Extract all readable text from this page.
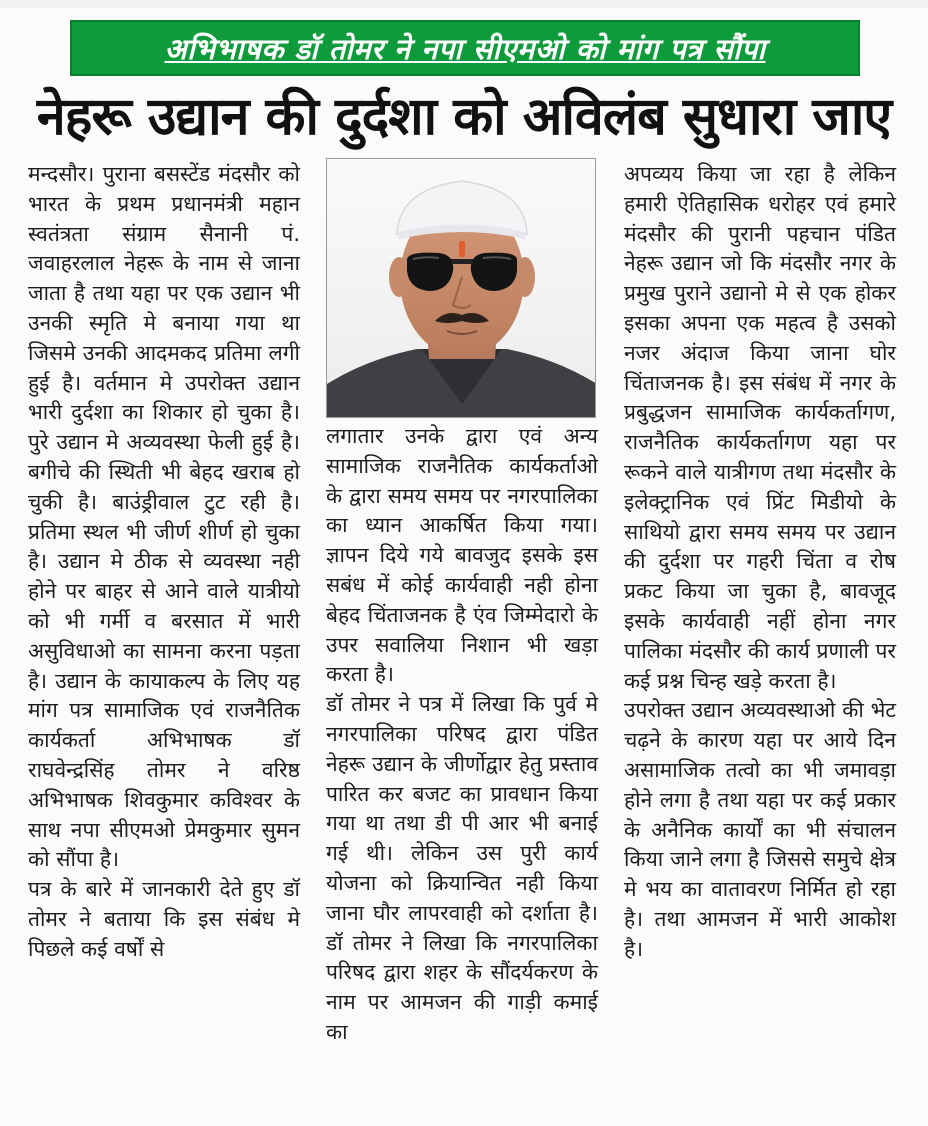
अभिभाषक डॉ तोमर ने नपा सीएमओ को मांग पत्र सौंपा
नेहरू उद्यान की दुर्दशा को अविलंब सुधारा जाए

मन्दसौर। पुराना बसस्टेंड मंदसौर को भारत के प्रथम प्रधानमंत्री महान स्वतंत्रता संग्राम सैनानी पं. जवाहरलाल नेहरू के नाम से जाना जाता है तथा यहा पर एक उद्यान भी उनकी स्मृति मे बनाया गया था जिसमे उनकी आदमकद प्रतिमा लगी हुई है। वर्तमान मे उपरोक्त उद्यान भारी दुर्दशा का शिकार हो चुका है। पुरे उद्यान मे अव्यवस्था फेली हुई है। बगीचे की स्थिती भी बेहद खराब हो चुकी है। बाउंड्रीवाल टुट रही है। प्रतिमा स्थल भी जीर्ण शीर्ण हो चुका है। उद्यान मे ठीक से व्यवस्था नही होने पर बाहर से आने वाले यात्रीयो को भी गर्मी व बरसात में भारी असुविधाओ का सामना करना पड़ता है। उद्यान के कायाकल्प के लिए यह मांग पत्र सामाजिक एवं राजनैतिक कार्यकर्ता अभिभाषक डॉ राघवेन्द्रसिंह तोमर ने वरिष्ठ अभिभाषक शिवकुमार कविश्वर के साथ नपा सीएमओ प्रेमकुमार सुमन को सौंपा है।

पत्र के बारे में जानकारी देते हुए डॉ तोमर ने बताया कि इस संबंध मे पिछले कई वर्षों से

लगातार उनके द्वारा एवं अन्य सामाजिक राजनैतिक कार्यकर्ताओ के द्वारा समय समय पर नगरपालिका का ध्यान आकर्षित किया गया। ज्ञापन दिये गये बावजुद इसके इस सबंध में कोई कार्यवाही नही होना बेहद चिंताजनक है एंव जिम्मेदारो के उपर सवालिया निशान भी खड़ा करता है।

डॉ तोमर ने पत्र में लिखा कि पुर्व मे नगरपालिका परिषद द्वारा पंडित नेहरू उद्यान के जीर्णोद्वार हेतु प्रस्ताव पारित कर बजट का प्रावधान किया गया था तथा डी पी आर भी बनाई गई थी। लेकिन उस पुरी कार्य योजना को क्रियान्वित नही किया जाना घौर लापरवाही को दर्शाता है। डॉ तोमर ने लिखा कि नगरपालिका परिषद द्वारा शहर के सौंदर्यकरण के नाम पर आमजन की गाड़ी कमाई का

अपव्यय किया जा रहा है लेकिन हमारी ऐतिहासिक धरोहर एवं हमारे मंदसौर की पुरानी पहचान पंडित नेहरू उद्यान जो कि मंदसौर नगर के प्रमुख पुराने उद्यानो मे से एक होकर इसका अपना एक महत्व है उसको नजर अंदाज किया जाना घोर चिंताजनक है। इस संबंध में नगर के प्रबुद्धजन सामाजिक कार्यकर्तागण, राजनैतिक कार्यकर्तागण यहा पर रूकने वाले यात्रीगण तथा मंदसौर के इलेक्ट्रानिक एवं प्रिंट मिडीयो के साथियो द्वारा समय समय पर उद्यान की दुर्दशा पर गहरी चिंता व रोष प्रकट किया जा चुका है, बावजूद इसके कार्यवाही नहीं होना नगर पालिका मंदसौर की कार्य प्रणाली पर कई प्रश्न चिन्ह खड़े करता है।

उपरोक्त उद्यान अव्यवस्थाओ की भेट चढ़ने के कारण यहा पर आये दिन असामाजिक तत्वो का भी जमावड़ा होने लगा है तथा यहा पर कई प्रकार के अनैनिक कार्यों का भी संचालन किया जाने लगा है जिससे समुचे क्षेत्र मे भय का वातावरण निर्मित हो रहा है। तथा आमजन में भारी आकोश है।
